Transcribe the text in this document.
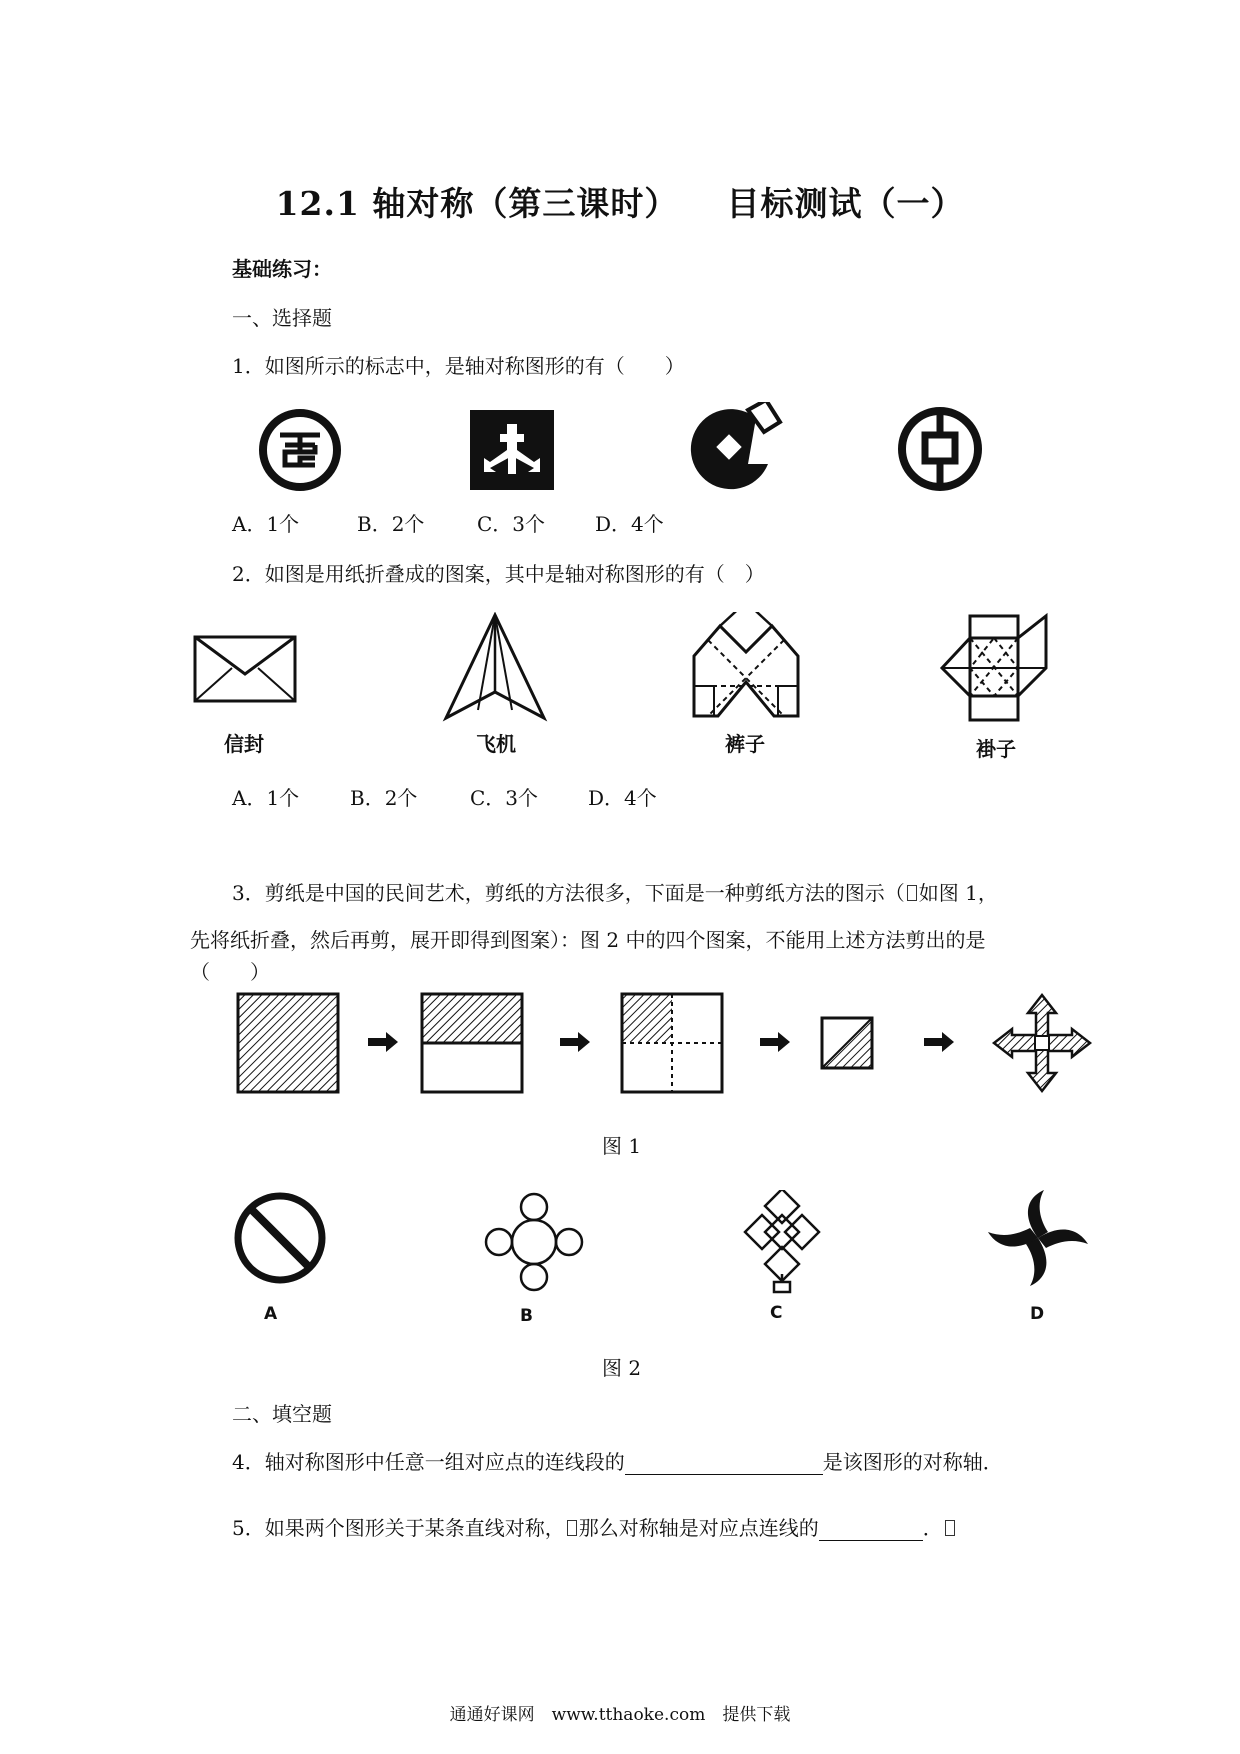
12.1 轴对称（第三课时） 目标测试（一）
基础练习：
一、选择题
1．如图所示的标志中，是轴对称图形的有（　　）
A．1个	B．2个	C．3个 D．4个
2．如图是用纸折叠成的图案，其中是轴对称图形的有（　）
信封	飞机	裤子	褂子
A．1个	B．2个	C．3个 D．4个
3．剪纸是中国的民间艺术，剪纸的方法很多，下面是一种剪纸方法的图示（ 如图 1，
先将纸折叠，然后再剪，展开即得到图案）：图 2 中的四个图案，不能用上述方法剪出的是
（　　）
图 1
A	B	C	D
图 2
二、填空题
4．轴对称图形中任意一组对应点的连线段的	是该图形的对称轴．
5．如果两个图形关于某条直线对称， 那么对称轴是对应点连线的	．
通通好课网　www.tthaoke.com　提供下载
